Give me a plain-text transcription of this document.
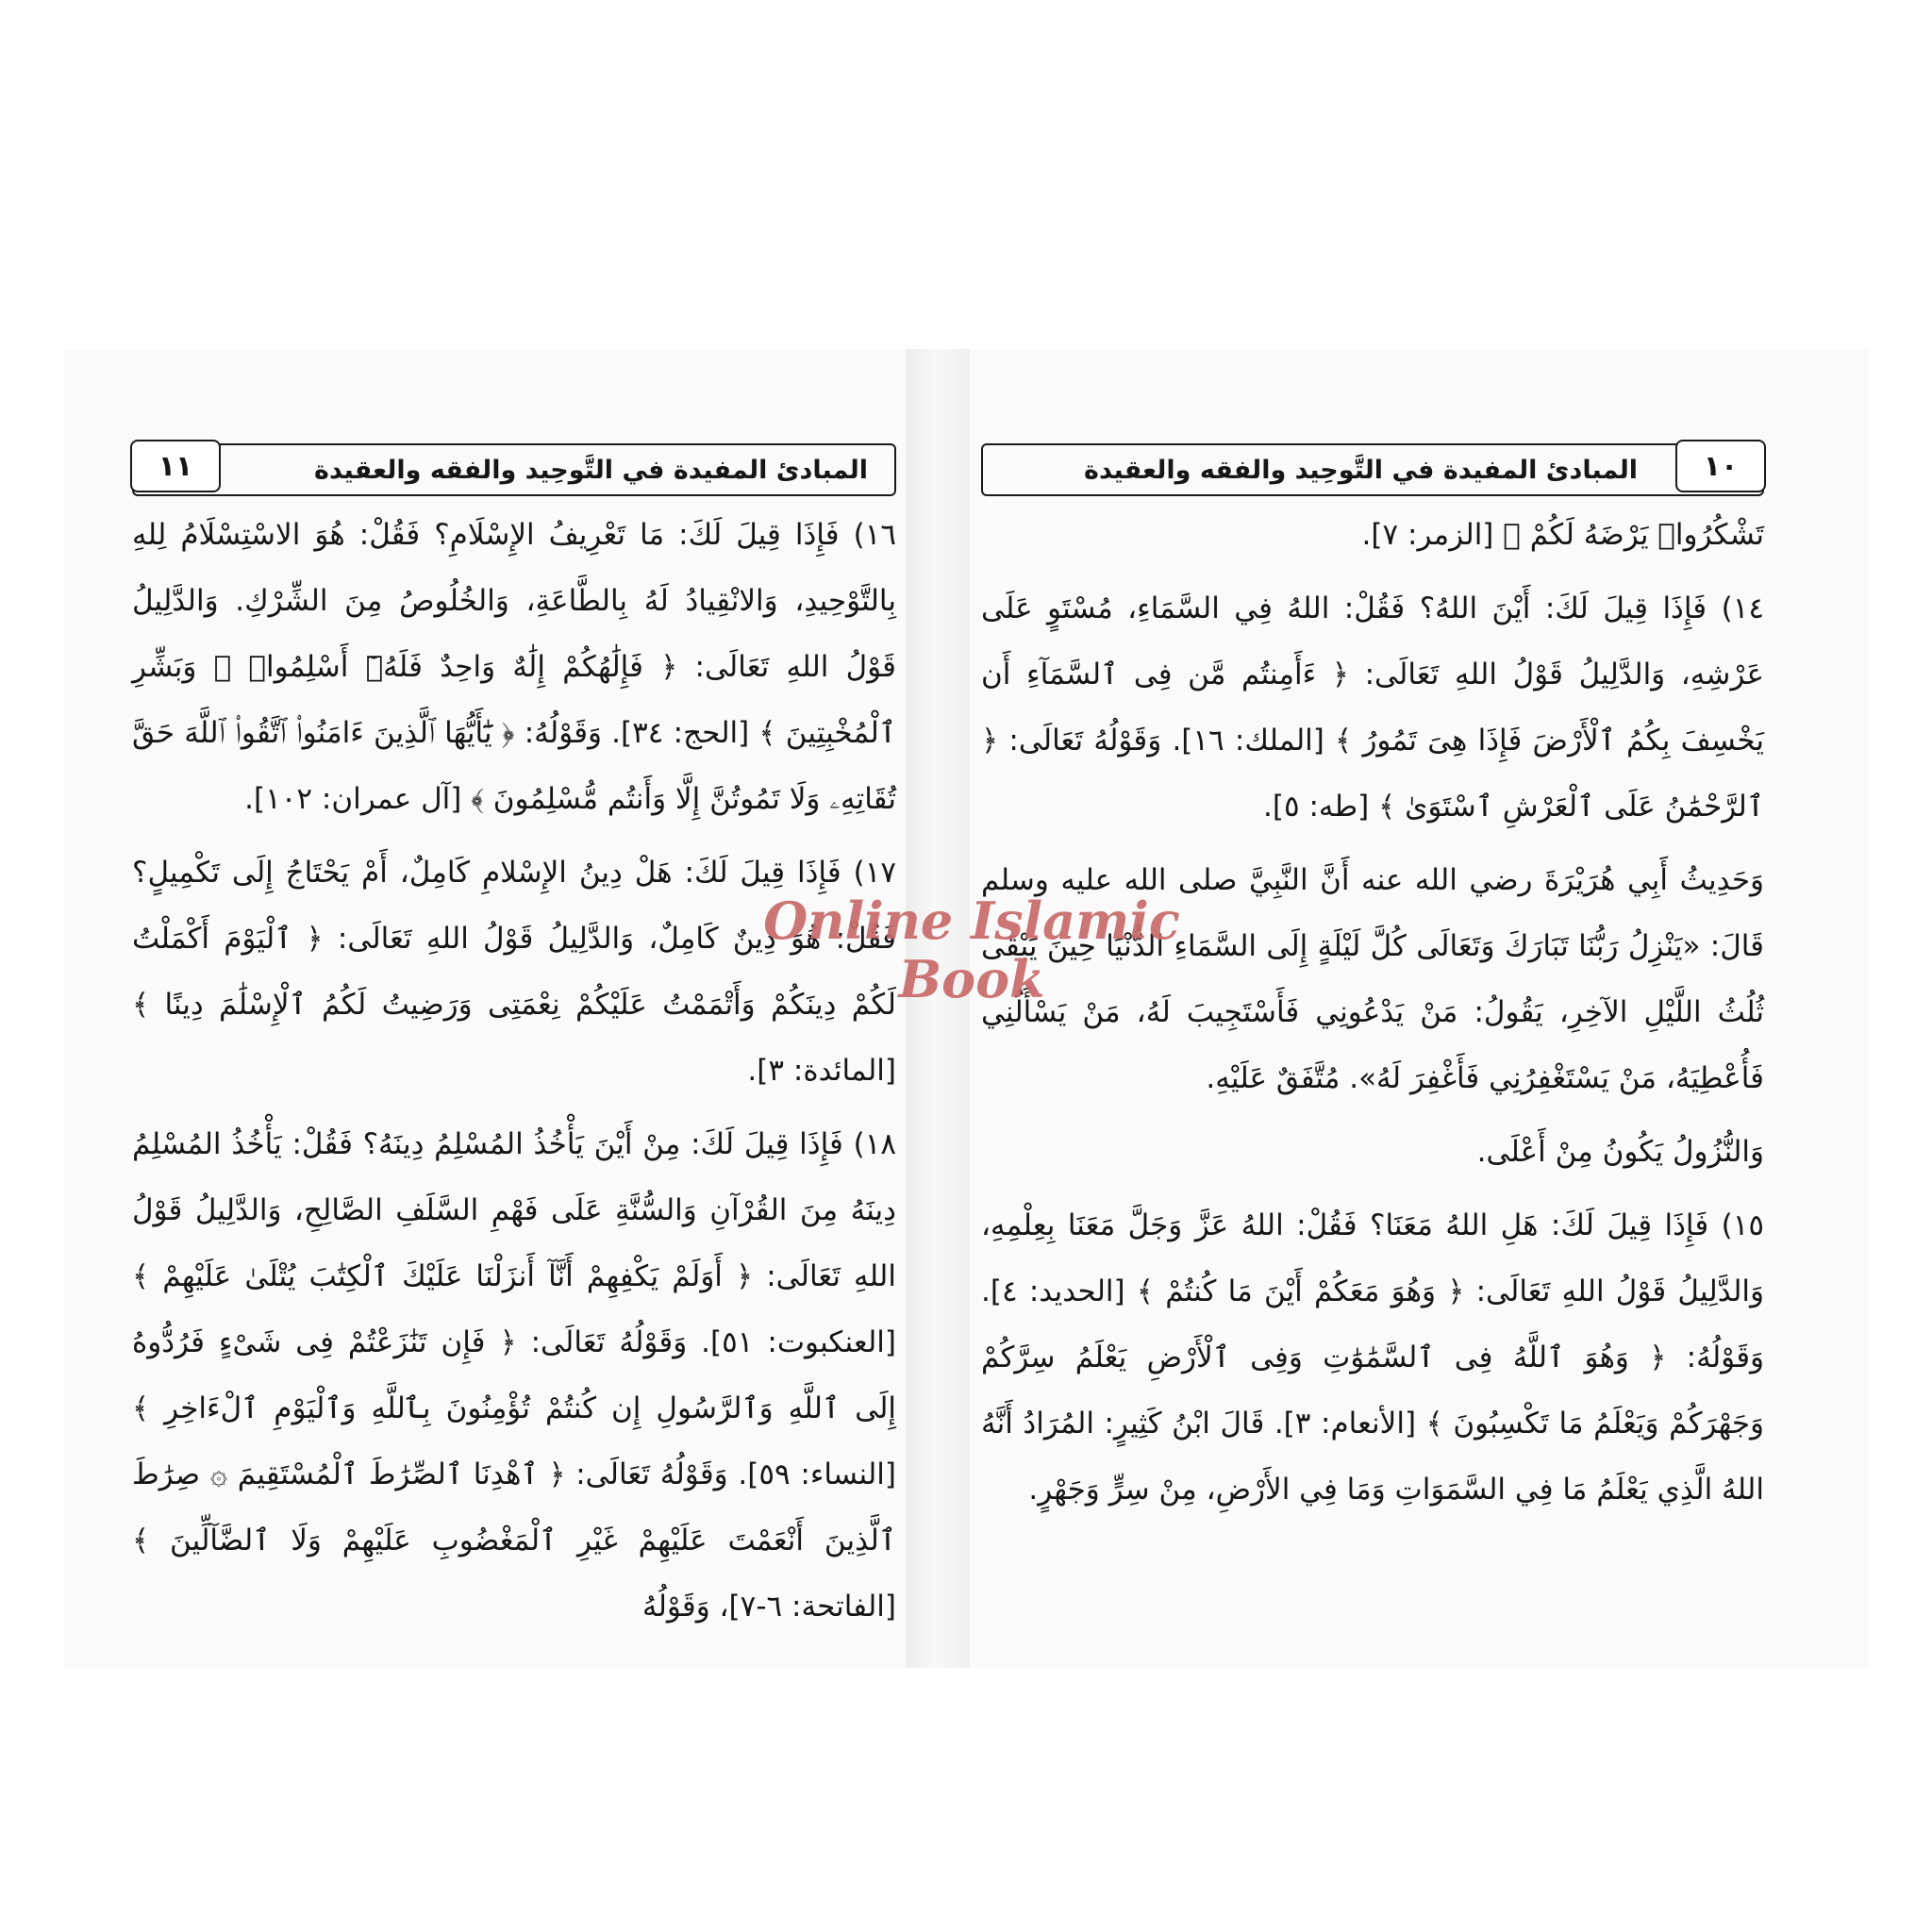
المبادئ المفيدة في التَّوحِيد والفقه والعقيدة
١١

١٦) فَإِذَا قِيلَ لَكَ: مَا تَعْرِيفُ الإِسْلَامِ؟ فَقُلْ: هُوَ الاسْتِسْلَامُ لِلهِ بِالتَّوْحِيدِ، وَالانْقِيادُ لَهُ بِالطَّاعَةِ، وَالخُلُوصُ مِنَ الشِّرْكِ. وَالدَّلِيلُ قَوْلُ اللهِ تَعَالَى: ﴿ فَإِلَٰهُكُمْ إِلَٰهٌ وَاحِدٌ فَلَهُۥٓ أَسْلِمُوا۟ ۗ وَبَشِّرِ ٱلْمُخْبِتِينَ ﴾ [الحج: ٣٤]. وَقَوْلُهُ: ﴿ يَٰٓأَيُّهَا ٱلَّذِينَ ءَامَنُوا۟ ٱتَّقُوا۟ ٱللَّهَ حَقَّ تُقَاتِهِۦ وَلَا تَمُوتُنَّ إِلَّا وَأَنتُم مُّسْلِمُونَ ﴾ [آل عمران: ١٠٢].

١٧) فَإِذَا قِيلَ لَكَ: هَلْ دِينُ الإِسْلامِ كَامِلٌ، أَمْ يَحْتَاجُ إِلَى تَكْمِيلٍ؟ فَقُلْ: هُوَ دِينٌ كَامِلٌ، وَالدَّلِيلُ قَوْلُ اللهِ تَعَالَى: ﴿ ٱلْيَوْمَ أَكْمَلْتُ لَكُمْ دِينَكُمْ وَأَتْمَمْتُ عَلَيْكُمْ نِعْمَتِى وَرَضِيتُ لَكُمُ ٱلْإِسْلَٰمَ دِينًا ﴾ [المائدة: ٣].

١٨) فَإِذَا قِيلَ لَكَ: مِنْ أَيْنَ يَأْخُذُ المُسْلِمُ دِينَهُ؟ فَقُلْ: يَأْخُذُ المُسْلِمُ دِينَهُ مِنَ القُرْآنِ وَالسُّنَّةِ عَلَى فَهْمِ السَّلَفِ الصَّالِحِ، وَالدَّلِيلُ قَوْلُ اللهِ تَعَالَى: ﴿ أَوَلَمْ يَكْفِهِمْ أَنَّآ أَنزَلْنَا عَلَيْكَ ٱلْكِتَٰبَ يُتْلَىٰ عَلَيْهِمْ ﴾ [العنكبوت: ٥١]. وَقَوْلُهُ تَعَالَى: ﴿ فَإِن تَنَٰزَعْتُمْ فِى شَىْءٍ فَرُدُّوهُ إِلَى ٱللَّهِ وَٱلرَّسُولِ إِن كُنتُمْ تُؤْمِنُونَ بِٱللَّهِ وَٱلْيَوْمِ ٱلْءَاخِرِ ﴾ [النساء: ٥٩]. وَقَوْلُهُ تَعَالَى: ﴿ ٱهْدِنَا ٱلصِّرَٰطَ ٱلْمُسْتَقِيمَ ۞ صِرَٰطَ ٱلَّذِينَ أَنْعَمْتَ عَلَيْهِمْ غَيْرِ ٱلْمَغْضُوبِ عَلَيْهِمْ وَلَا ٱلضَّآلِّينَ ﴾ [الفاتحة: ٦-٧]، وَقَوْلُهُ

١٠
المبادئ المفيدة في التَّوحِيد والفقه والعقيدة

تَشْكُرُوا۟ يَرْضَهُ لَكُمْ ﴾ [الزمر: ٧].

١٤) فَإِذَا قِيلَ لَكَ: أَيْنَ اللهُ؟ فَقُلْ: اللهُ فِي السَّمَاءِ، مُسْتَوٍ عَلَى عَرْشِهِ، وَالدَّلِيلُ قَوْلُ اللهِ تَعَالَى: ﴿ ءَأَمِنتُم مَّن فِى ٱلسَّمَآءِ أَن يَخْسِفَ بِكُمُ ٱلْأَرْضَ فَإِذَا هِىَ تَمُورُ ﴾ [الملك: ١٦]. وَقَوْلُهُ تَعَالَى: ﴿ ٱلرَّحْمَٰنُ عَلَى ٱلْعَرْشِ ٱسْتَوَىٰ ﴾ [طه: ٥].

وَحَدِيثُ أَبِي هُرَيْرَةَ رضي الله عنه أَنَّ النَّبِيَّ صلى الله عليه وسلم قَالَ: «يَنْزِلُ رَبُّنَا تَبَارَكَ وَتَعَالَى كُلَّ لَيْلَةٍ إِلَى السَّمَاءِ الدُّنْيَا حِينَ يَبْقَى ثُلُثُ اللَّيْلِ الآخِرِ، يَقُولُ: مَنْ يَدْعُونِي فَأَسْتَجِيبَ لَهُ، مَنْ يَسْأَلُنِي فَأُعْطِيَهُ، مَنْ يَسْتَغْفِرُنِي فَأَغْفِرَ لَهُ». مُتَّفَقٌ عَلَيْهِ.

وَالنُّزُولُ يَكُونُ مِنْ أَعْلَى.

١٥) فَإِذَا قِيلَ لَكَ: هَلِ اللهُ مَعَنَا؟ فَقُلْ: اللهُ عَزَّ وَجَلَّ مَعَنَا بِعِلْمِهِ، وَالدَّلِيلُ قَوْلُ اللهِ تَعَالَى: ﴿ وَهُوَ مَعَكُمْ أَيْنَ مَا كُنتُمْ ﴾ [الحديد: ٤]. وَقَوْلُهُ: ﴿ وَهُوَ ٱللَّهُ فِى ٱلسَّمَٰوَٰتِ وَفِى ٱلْأَرْضِ يَعْلَمُ سِرَّكُمْ وَجَهْرَكُمْ وَيَعْلَمُ مَا تَكْسِبُونَ ﴾ [الأنعام: ٣]. قَالَ ابْنُ كَثِيرٍ: المُرَادُ أَنَّهُ اللهُ الَّذِي يَعْلَمُ مَا فِي السَّمَوَاتِ وَمَا فِي الأَرْضِ، مِنْ سِرٍّ وَجَهْرٍ.

Online Islamic
Book
